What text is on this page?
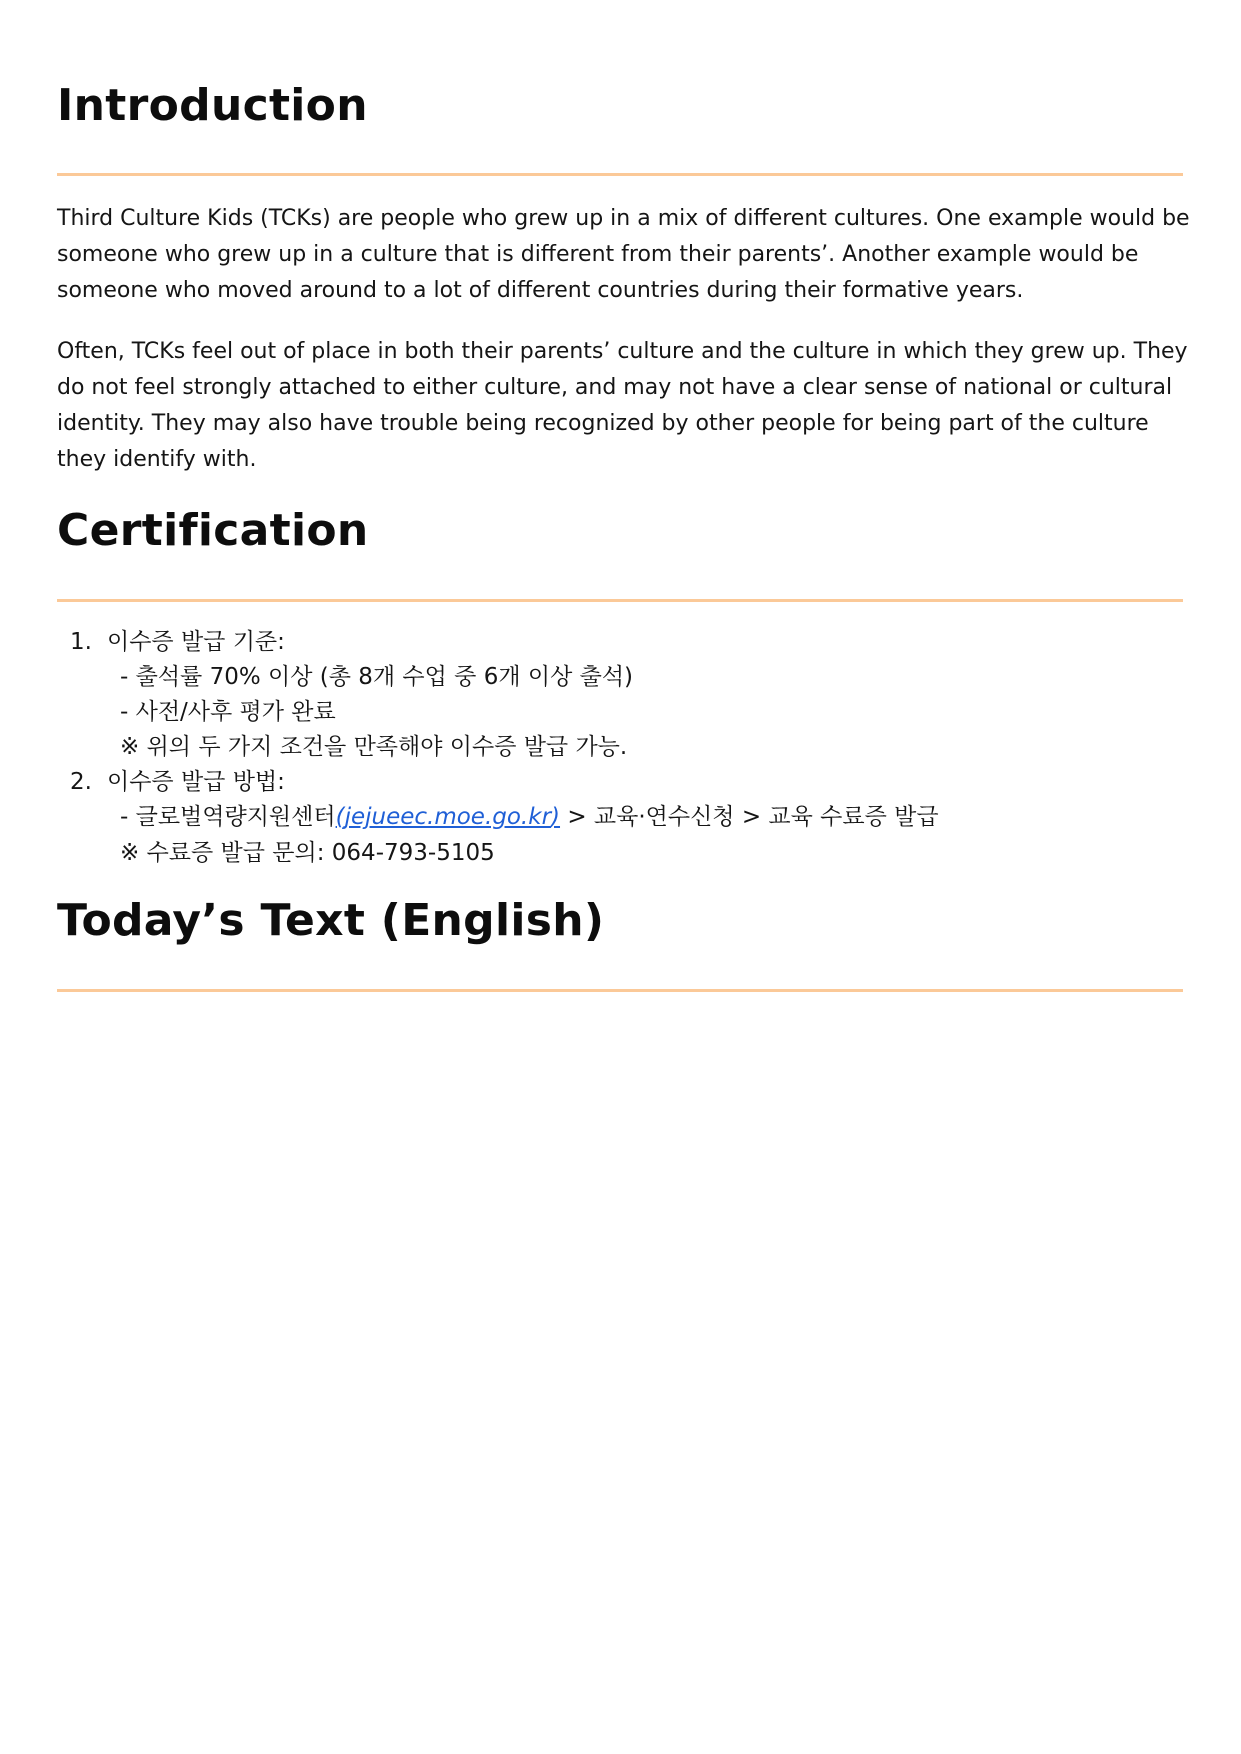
Introduction

Third Culture Kids (TCKs) are people who grew up in a mix of different cultures. One example would be someone who grew up in a culture that is different from their parents’. Another example would be someone who moved around to a lot of different countries during their formative years.

Often, TCKs feel out of place in both their parents’ culture and the culture in which they grew up. They do not feel strongly attached to either culture, and may not have a clear sense of national or cultural identity. They may also have trouble being recognized by other people for being part of the culture they identify with.

Certification
1. 이수증 발급 기준:
- 출석률 70% 이상 (총 8개 수업 중 6개 이상 출석)
- 사전/사후 평가 완료
※ 위의 두 가지 조건을 만족해야 이수증 발급 가능.
2. 이수증 발급 방법:
- 글로벌역량지원센터(jejueec.moe.go.kr) > 교육·연수신청 > 교육 수료증 발급
※ 수료증 발급 문의: 064-793-5105
Today’s Text (English)
